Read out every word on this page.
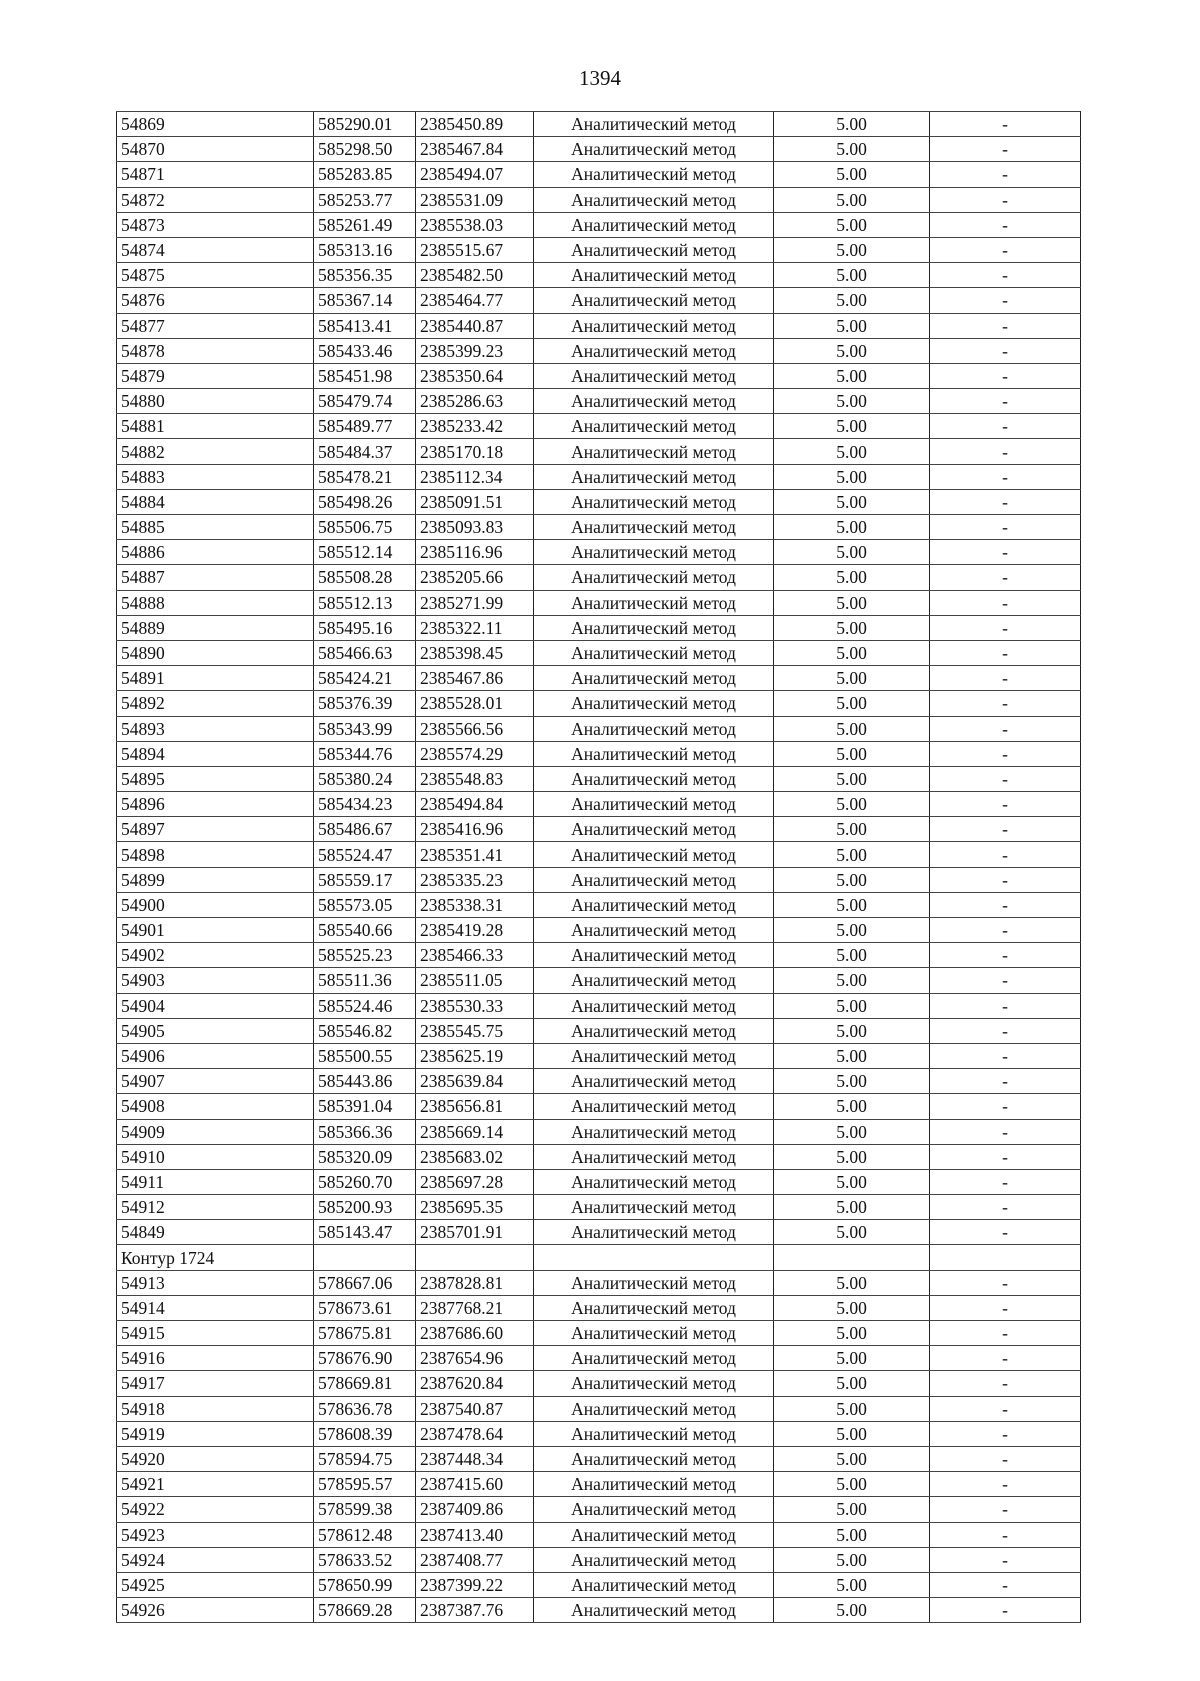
1394
54869	585290.01	2385450.89	Аналитический метод	5.00	-
54870	585298.50	2385467.84	Аналитический метод	5.00	-
54871	585283.85	2385494.07	Аналитический метод	5.00	-
54872	585253.77	2385531.09	Аналитический метод	5.00	-
54873	585261.49	2385538.03	Аналитический метод	5.00	-
54874	585313.16	2385515.67	Аналитический метод	5.00	-
54875	585356.35	2385482.50	Аналитический метод	5.00	-
54876	585367.14	2385464.77	Аналитический метод	5.00	-
54877	585413.41	2385440.87	Аналитический метод	5.00	-
54878	585433.46	2385399.23	Аналитический метод	5.00	-
54879	585451.98	2385350.64	Аналитический метод	5.00	-
54880	585479.74	2385286.63	Аналитический метод	5.00	-
54881	585489.77	2385233.42	Аналитический метод	5.00	-
54882	585484.37	2385170.18	Аналитический метод	5.00	-
54883	585478.21	2385112.34	Аналитический метод	5.00	-
54884	585498.26	2385091.51	Аналитический метод	5.00	-
54885	585506.75	2385093.83	Аналитический метод	5.00	-
54886	585512.14	2385116.96	Аналитический метод	5.00	-
54887	585508.28	2385205.66	Аналитический метод	5.00	-
54888	585512.13	2385271.99	Аналитический метод	5.00	-
54889	585495.16	2385322.11	Аналитический метод	5.00	-
54890	585466.63	2385398.45	Аналитический метод	5.00	-
54891	585424.21	2385467.86	Аналитический метод	5.00	-
54892	585376.39	2385528.01	Аналитический метод	5.00	-
54893	585343.99	2385566.56	Аналитический метод	5.00	-
54894	585344.76	2385574.29	Аналитический метод	5.00	-
54895	585380.24	2385548.83	Аналитический метод	5.00	-
54896	585434.23	2385494.84	Аналитический метод	5.00	-
54897	585486.67	2385416.96	Аналитический метод	5.00	-
54898	585524.47	2385351.41	Аналитический метод	5.00	-
54899	585559.17	2385335.23	Аналитический метод	5.00	-
54900	585573.05	2385338.31	Аналитический метод	5.00	-
54901	585540.66	2385419.28	Аналитический метод	5.00	-
54902	585525.23	2385466.33	Аналитический метод	5.00	-
54903	585511.36	2385511.05	Аналитический метод	5.00	-
54904	585524.46	2385530.33	Аналитический метод	5.00	-
54905	585546.82	2385545.75	Аналитический метод	5.00	-
54906	585500.55	2385625.19	Аналитический метод	5.00	-
54907	585443.86	2385639.84	Аналитический метод	5.00	-
54908	585391.04	2385656.81	Аналитический метод	5.00	-
54909	585366.36	2385669.14	Аналитический метод	5.00	-
54910	585320.09	2385683.02	Аналитический метод	5.00	-
54911	585260.70	2385697.28	Аналитический метод	5.00	-
54912	585200.93	2385695.35	Аналитический метод	5.00	-
54849	585143.47	2385701.91	Аналитический метод	5.00	-
Контур 1724					
54913	578667.06	2387828.81	Аналитический метод	5.00	-
54914	578673.61	2387768.21	Аналитический метод	5.00	-
54915	578675.81	2387686.60	Аналитический метод	5.00	-
54916	578676.90	2387654.96	Аналитический метод	5.00	-
54917	578669.81	2387620.84	Аналитический метод	5.00	-
54918	578636.78	2387540.87	Аналитический метод	5.00	-
54919	578608.39	2387478.64	Аналитический метод	5.00	-
54920	578594.75	2387448.34	Аналитический метод	5.00	-
54921	578595.57	2387415.60	Аналитический метод	5.00	-
54922	578599.38	2387409.86	Аналитический метод	5.00	-
54923	578612.48	2387413.40	Аналитический метод	5.00	-
54924	578633.52	2387408.77	Аналитический метод	5.00	-
54925	578650.99	2387399.22	Аналитический метод	5.00	-
54926	578669.28	2387387.76	Аналитический метод	5.00	-
